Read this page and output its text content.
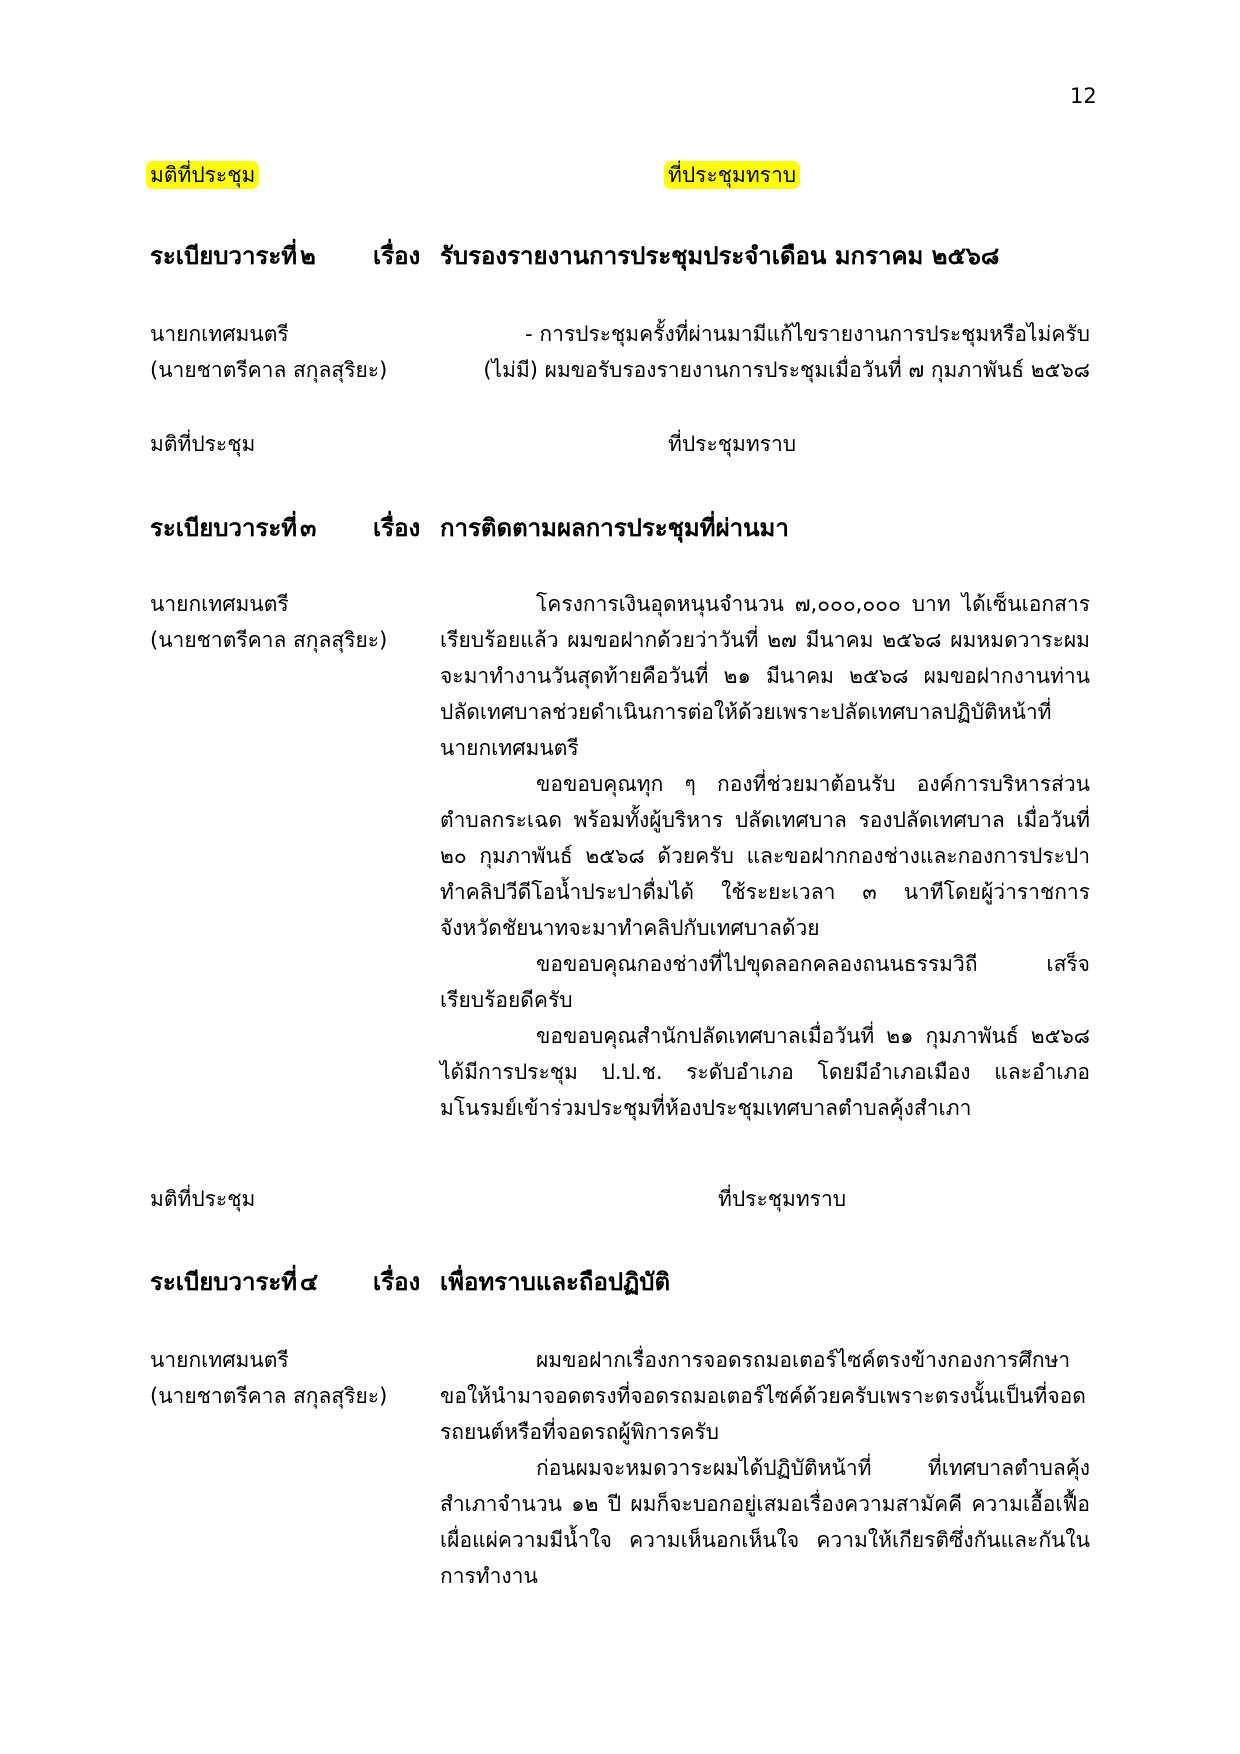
12
มติที่ประชุม	ที่ประชุมทราบ
ระเบียบวาระที่ ๒ เรื่อง รับรองรายงานการประชุมประจำเดือน มกราคม ๒๕๖๘
นายกเทศมนตรี
(นายชาตรีคาล สกุลสุริยะ)
- การประชุมครั้งที่ผ่านมามีแก้ไขรายงานการประชุมหรือไม่ครับ
(ไม่มี) ผมขอรับรองรายงานการประชุมเมื่อวันที่ ๗ กุมภาพันธ์ ๒๕๖๘
มติที่ประชุม	ที่ประชุมทราบ
ระเบียบวาระที่ ๓ เรื่อง การติดตามผลการประชุมที่ผ่านมา
นายกเทศมนตรี
(นายชาตรีคาล สกุลสุริยะ)

โครงการเงินอุดหนุนจำนวน ๗,๐๐๐,๐๐๐ บาท ได้เซ็นเอกสารเรียบร้อยแล้ว ผมขอฝากด้วยว่าวันที่ ๒๗ มีนาคม ๒๕๖๘ ผมหมดวาระผมจะมาทำงานวันสุดท้ายคือวันที่ ๒๑ มีนาคม ๒๕๖๘ ผมขอฝากงานท่านปลัดเทศบาลช่วยดำเนินการต่อให้ด้วยเพราะปลัดเทศบาลปฏิบัติหน้าที่นายกเทศมนตรี

ขอขอบคุณทุก ๆ กองที่ช่วยมาต้อนรับ องค์การบริหารส่วนตำบลกระเฉด พร้อมทั้งผู้บริหาร ปลัดเทศบาล รองปลัดเทศบาล เมื่อวันที่ ๒๐ กุมภาพันธ์ ๒๕๖๘ ด้วยครับ และขอฝากกองช่างและกองการประปา ทำคลิปวีดีโอน้ำประปาดื่มได้ ใช้ระยะเวลา ๓ นาทีโดยผู้ว่าราชการจังหวัดชัยนาทจะมาทำคลิปกับเทศบาลด้วย

ขอขอบคุณกองช่างที่ไปขุดลอกคลองถนนธรรมวิถี เสร็จเรียบร้อยดีครับ

ขอขอบคุณสำนักปลัดเทศบาลเมื่อวันที่ ๒๑ กุมภาพันธ์ ๒๕๖๘ ได้มีการประชุม ป.ป.ช. ระดับอำเภอ โดยมีอำเภอเมือง และอำเภอมโนรมย์เข้าร่วมประชุมที่ห้องประชุมเทศบาลตำบลคุ้งสำเภา

มติที่ประชุม	ที่ประชุมทราบ
ระเบียบวาระที่ ๔ เรื่อง เพื่อทราบและถือปฏิบัติ
นายกเทศมนตรี
(นายชาตรีคาล สกุลสุริยะ)

ผมขอฝากเรื่องการจอดรถมอเตอร์ไซค์ตรงข้างกองการศึกษาขอให้นำมาจอดตรงที่จอดรถมอเตอร์ไซค์ด้วยครับเพราะตรงนั้นเป็นที่จอดรถยนต์หรือที่จอดรถผู้พิการครับ

ก่อนผมจะหมดวาระผมได้ปฏิบัติหน้าที่ ที่เทศบาลตำบลคุ้งสำเภาจำนวน ๑๒ ปี ผมก็จะบอกอยู่เสมอเรื่องความสามัคคี ความเอื้อเฟื้อเผื่อแผ่ความมีน้ำใจ ความเห็นอกเห็นใจ ความให้เกียรติซึ่งกันและกันในการทำงาน
